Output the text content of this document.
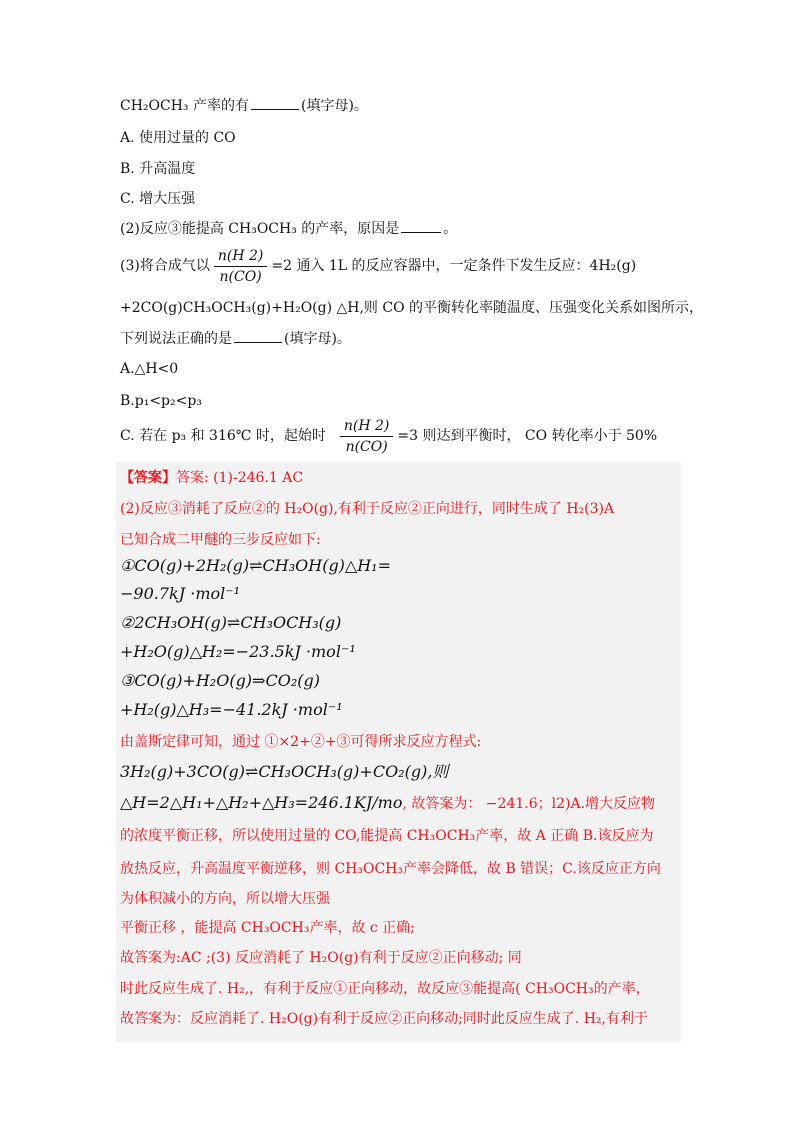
CH₂OCH₃ 产率的有	(填字母)。
A. 使用过量的 CO
B. 升高温度
C. 增大压强
(2)反应③能提高 CH₃OCH₃ 的产率，原因是	。
(3)将合成气以 $\frac{n(H 2)}{n(CO)} =2$ 通入 1L 的反应容器中，一定条件下发生反应：4H₂(g)
+2CO(g)CH₃OCH₃(g)+H₂O(g) △H,则 CO 的平衡转化率随温度、压强变化关系如图所示，
下列说法正确的是	(填字母)。
A.△H<0
B.p₁<p₂<p₃
C. 若在 p₃ 和 316℃ 时，起始时 $\frac{n(H 2)}{n(CO)} =3$ 则达到平衡时， CO 转化率小于 50%
【答案】答案: (1)-246.1 AC
(2)反应③消耗了反应②的 H₂O(g),有利于反应②正向进行，同时生成了 H₂(3)A
已知合成二甲醚的三步反应如下:
①CO(g)+2H₂(g)⇌CH₃OH(g)△H₁=
−90.7kJ ·mol⁻¹
②2CH₃OH(g)⇌CH₃OCH₃(g)
+H₂O(g)△H₂=−23.5kJ ·mol⁻¹
③CO(g)+H₂O(g)⇒CO₂(g)
+H₂(g)△H₃=−41.2kJ ·mol⁻¹
由盖斯定律可知，通过 ①×2+②+③可得所求反应方程式:
3H₂(g)+3CO(g)⇌CH₃OCH₃(g)+CO₂(g),则
△H=2△H₁+△H₂+△H₃=246.1KJ/mo, 故答案为： −241.6；l2)A.增大反应物
的浓度平衡正移，所以使用过量的 CO,能提高 CH₃OCH₃产率，故 A 正确 B.该反应为
放热反应，升高温度平衡逆移，则 CH₃OCH₃产率会降低，故 B 错误；C.该反应正方向
为体积减小的方向，所以增大压强
平衡正移 ，能提高 CH₃OCH₃产率，故 c 正确;
故答案为:AC ;(3) 反应消耗了 H₂O(g)有利于反应②正向移动; 同
时此反应生成了. H₂,，有利于反应①正向移动，故反应③能提高( CH₃OCH₃的产率，
故答案为：反应消耗了. H₂O(g)有利于反应②正向移动;同时此反应生成了. H₂,有利于
